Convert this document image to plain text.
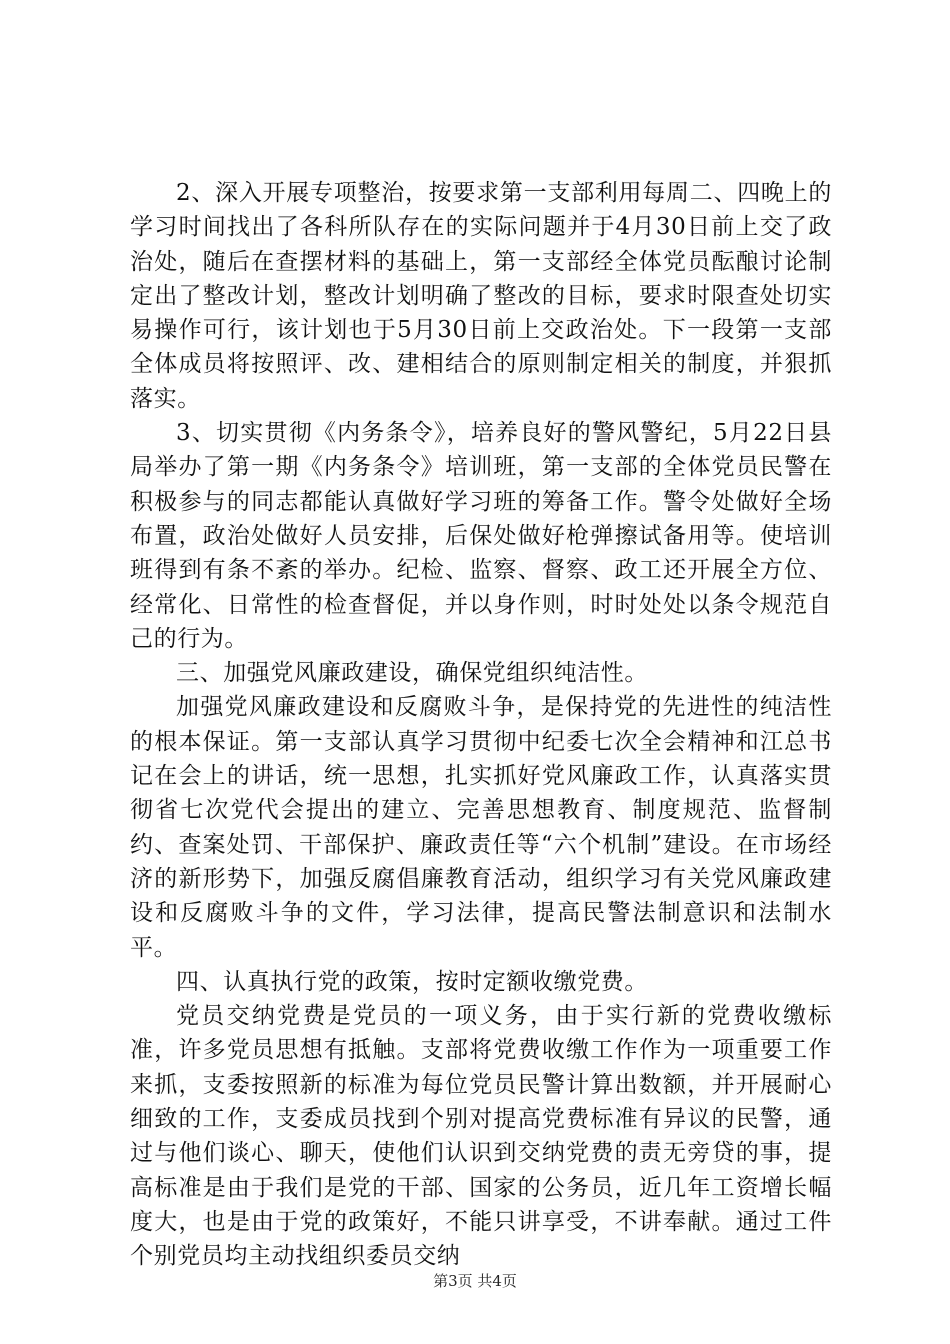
2、深入开展专项整治，按要求第一支部利用每周二、四晚上的学习时间找出了各科所队存在的实际问题并于4月30日前上交了政治处，随后在查摆材料的基础上，第一支部经全体党员酝酿讨论制定出了整改计划，整改计划明确了整改的目标，要求时限查处切实易操作可行，该计划也于5月30日前上交政治处。下一段第一支部全体成员将按照评、改、建相结合的原则制定相关的制度，并狠抓落实。

3、切实贯彻《内务条令》，培养良好的警风警纪，5月22日县局举办了第一期《内务条令》培训班，第一支部的全体党员民警在积极参与的同志都能认真做好学习班的筹备工作。警令处做好全场布置，政治处做好人员安排，后保处做好枪弹擦试备用等。使培训班得到有条不紊的举办。纪检、监察、督察、政工还开展全方位、经常化、日常性的检查督促，并以身作则，时时处处以条令规范自己的行为。

三、加强党风廉政建设，确保党组织纯洁性。

加强党风廉政建设和反腐败斗争，是保持党的先进性的纯洁性的根本保证。第一支部认真学习贯彻中纪委七次全会精神和江总书记在会上的讲话，统一思想，扎实抓好党风廉政工作，认真落实贯彻省七次党代会提出的建立、完善思想教育、制度规范、监督制约、查案处罚、干部保护、廉政责任等“六个机制”建设。在市场经济的新形势下，加强反腐倡廉教育活动，组织学习有关党风廉政建设和反腐败斗争的文件，学习法律，提高民警法制意识和法制水平。

四、认真执行党的政策，按时定额收缴党费。

党员交纳党费是党员的一项义务，由于实行新的党费收缴标准，许多党员思想有抵触。支部将党费收缴工作作为一项重要工作来抓，支委按照新的标准为每位党员民警计算出数额，并开展耐心细致的工作，支委成员找到个别对提高党费标准有异议的民警，通过与他们谈心、聊天，使他们认识到交纳党费的责无旁贷的事，提高标准是由于我们是党的干部、国家的公务员，近几年工资增长幅度大，也是由于党的政策好，不能只讲享受，不讲奉献。通过工件个别党员均主动找组织委员交纳

第3页 共4页
